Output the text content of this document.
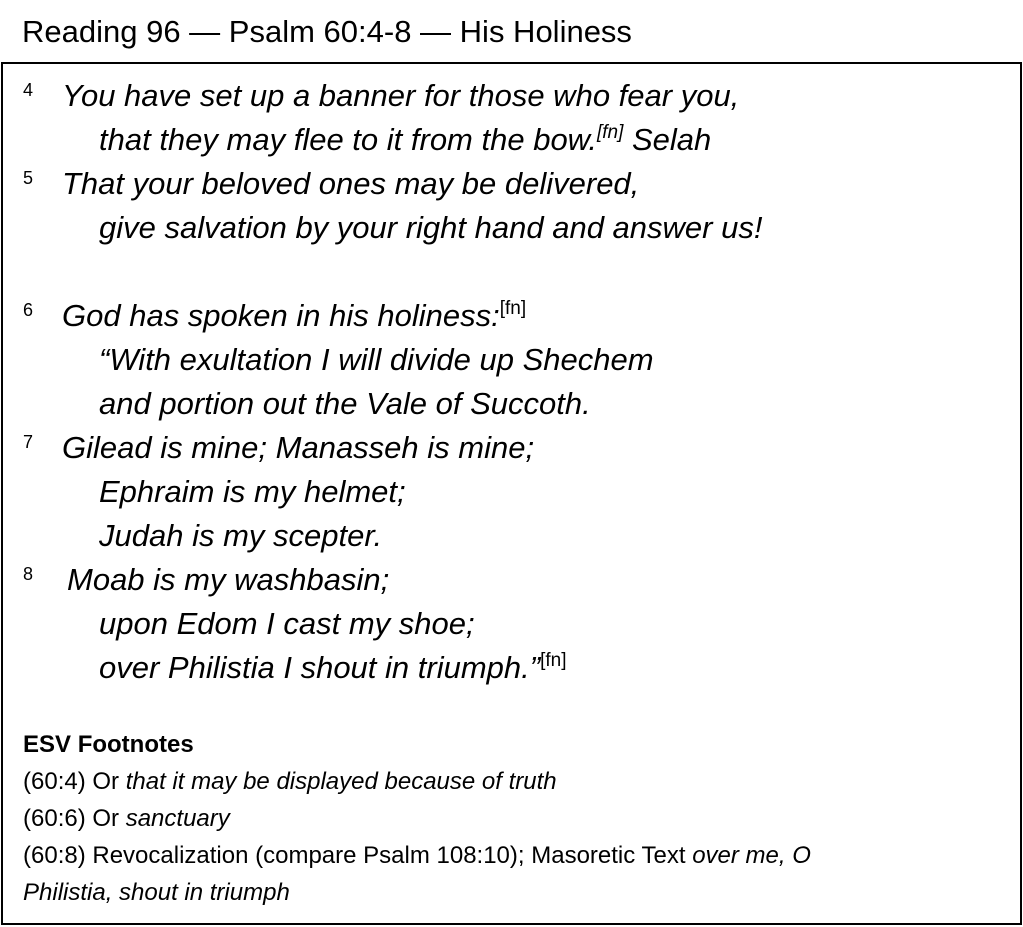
Reading 96 — Psalm 60:4-8 — His Holiness
4 You have set up a banner for those who fear you,
that they may flee to it from the bow.[fn] Selah
5 That your beloved ones may be delivered,
give salvation by your right hand and answer us!
6 God has spoken in his holiness:[fn]
“With exultation I will divide up Shechem
and portion out the Vale of Succoth.
7 Gilead is mine; Manasseh is mine;
Ephraim is my helmet;
Judah is my scepter.
8 Moab is my washbasin;
upon Edom I cast my shoe;
over Philistia I shout in triumph.”[fn]
ESV Footnotes
(60:4) Or that it may be displayed because of truth
(60:6) Or sanctuary
(60:8) Revocalization (compare Psalm 108:10); Masoretic Text over me, O
Philistia, shout in triumph
